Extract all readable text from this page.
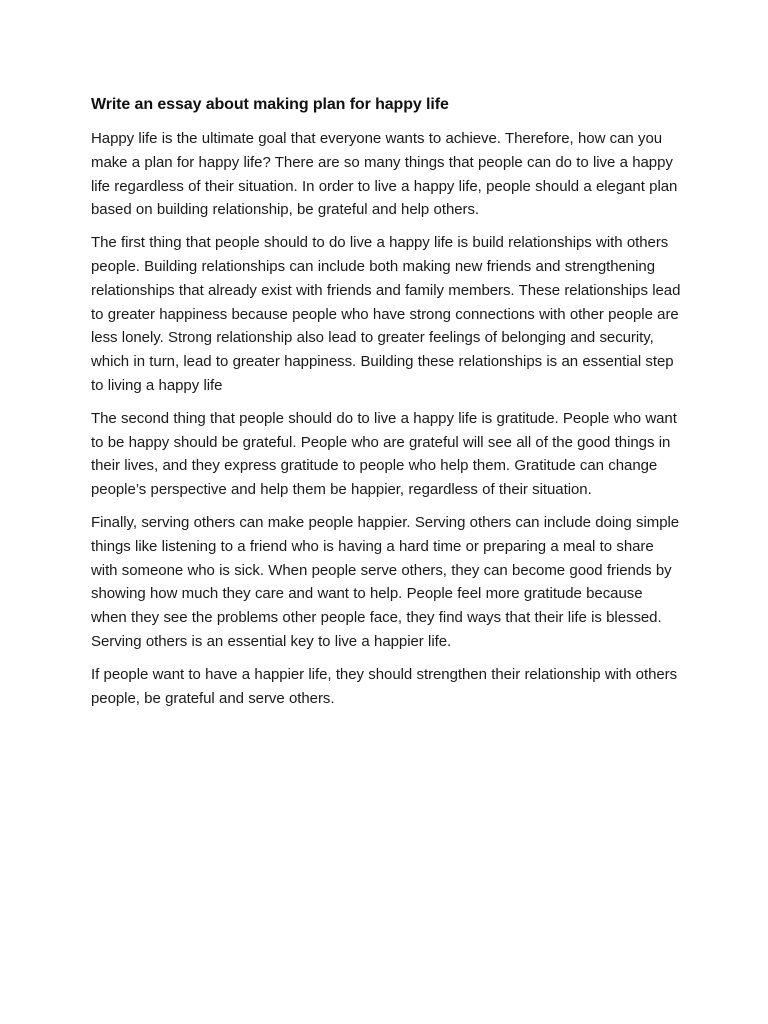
Write an essay about making plan for happy life

Happy life is the ultimate goal that everyone wants to achieve. Therefore, how can you make a plan for happy life? There are so many things that people can do to live a happy life regardless of their situation. In order to live a happy life, people should a elegant plan based on building relationship, be grateful and help others.

The first thing that people should to do live a happy life is build relationships with others people. Building relationships can include both making new friends and strengthening relationships that already exist with friends and family members. These relationships lead to greater happiness because people who have strong connections with other people are less lonely. Strong relationship also lead to greater feelings of belonging and security, which in turn, lead to greater happiness. Building these relationships is an essential step to living a happy life

The second thing that people should do to live a happy life is gratitude. People who want to be happy should be grateful. People who are grateful will see all of the good things in their lives, and they express gratitude to people who help them. Gratitude can change people’s perspective and help them be happier, regardless of their situation.

Finally, serving others can make people happier. Serving others can include doing simple things like listening to a friend who is having a hard time or preparing a meal to share with someone who is sick. When people serve others, they can become good friends by showing how much they care and want to help. People feel more gratitude because when they see the problems other people face, they find ways that their life is blessed. Serving others is an essential key to live a happier life.

If people want to have a happier life, they should strengthen their relationship with others people, be grateful and serve others.
